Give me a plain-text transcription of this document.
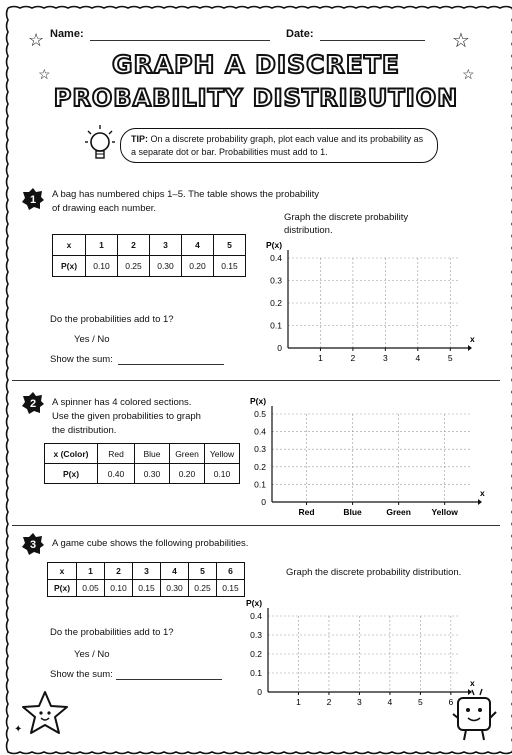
Name:	Date:
☆	☆
☆	☆
GRAPH A DISCRETE
PROBABILITY DISTRIBUTION
TIP: On a discrete probability graph, plot each value and its probability as a separate dot or bar. Probabilities must add to 1.
1 A bag has numbered chips 1–5. The table shows the probability
of drawing each number.
x	1	2	3	4	5
P(x)	0.10	0.25	0.30	0.20	0.15
Graph the discrete probability
distribution.
Do the probabilities add to 1?
Yes / No
Show the sum:
0
0.1
0.2
0.3
0.4
1	2	3	4	5
P(x)
x
2 A spinner has 4 colored sections.
Use the given probabilities to graph
the distribution.
x (Color)	Red	Blue	Green	Yellow
P(x)	0.40	0.30	0.20	0.10
0
0.1
0.2
0.3
0.4
0.5
Red	Blue	Green Yellow
P(x)
x
3 A game cube shows the following probabilities.
x	1	2	3	4	5	6
P(x)	0.05	0.10	0.15	0.30	0.25	0.15
Graph the discrete probability distribution.
Do the probabilities add to 1?
Yes / No
Show the sum:
0
0.1
0.2
0.3
0.4
1	2	3	4	5	6
P(x)
x
✦
